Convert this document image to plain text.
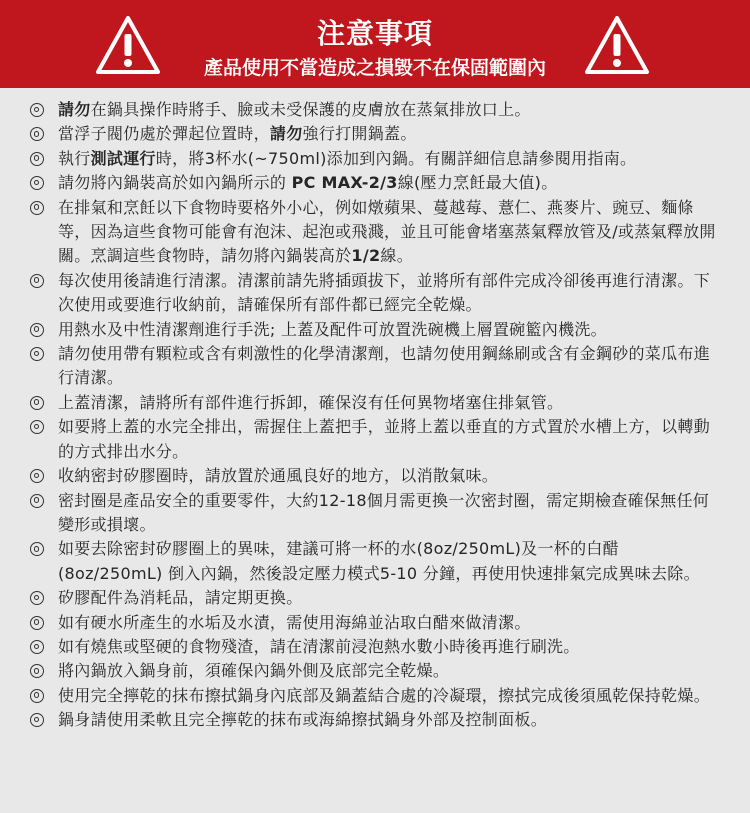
注意事項
產品使用不當造成之損毀不在保固範圍內
請勿在鍋具操作時將手、臉或未受保護的皮膚放在蒸氣排放口上。
當浮子閥仍處於彈起位置時，請勿強行打開鍋蓋。
執行測試運行時，將3杯水(~750ml)添加到內鍋。有關詳細信息請參閱用指南。
請勿將內鍋裝高於如內鍋所示的 PC MAX-2/3線(壓力烹飪最大值)。
在排氣和烹飪以下食物時要格外小心，例如燉蘋果、蔓越莓、薏仁、燕麥片、豌豆、麵條等，因為這些食物可能會有泡沫、起泡或飛濺，並且可能會堵塞蒸氣釋放管及/或蒸氣釋放開關。烹調這些食物時，請勿將內鍋裝高於1/2線。
每次使用後請進行清潔。清潔前請先將插頭拔下，並將所有部件完成冷卻後再進行清潔。下次使用或要進行收納前，請確保所有部件都已經完全乾燥。
用熱水及中性清潔劑進行手洗; 上蓋及配件可放置洗碗機上層置碗籃內機洗。
請勿使用帶有顆粒或含有刺激性的化學清潔劑，也請勿使用鋼絲刷或含有金鋼砂的菜瓜布進行清潔。
上蓋清潔，請將所有部件進行拆卸，確保沒有任何異物堵塞住排氣管。
如要將上蓋的水完全排出，需握住上蓋把手，並將上蓋以垂直的方式置於水槽上方，以轉動的方式排出水分。
收納密封矽膠圈時，請放置於通風良好的地方，以消散氣味。
密封圈是產品安全的重要零件，大約12-18個月需更換一次密封圈，需定期檢查確保無任何變形或損壞。
如要去除密封矽膠圈上的異味，建議可將一杯的水(8oz/250mL)及一杯的白醋(8oz/250mL) 倒入內鍋，然後設定壓力模式5-10 分鐘，再使用快速排氣完成異味去除。
矽膠配件為消耗品，請定期更換。
如有硬水所產生的水垢及水漬，需使用海綿並沾取白醋來做清潔。
如有燒焦或堅硬的食物殘渣，請在清潔前浸泡熱水數小時後再進行刷洗。
將內鍋放入鍋身前，須確保內鍋外側及底部完全乾燥。
使用完全擰乾的抹布擦拭鍋身內底部及鍋蓋結合處的冷凝環，擦拭完成後須風乾保持乾燥。
鍋身請使用柔軟且完全擰乾的抹布或海綿擦拭鍋身外部及控制面板。
